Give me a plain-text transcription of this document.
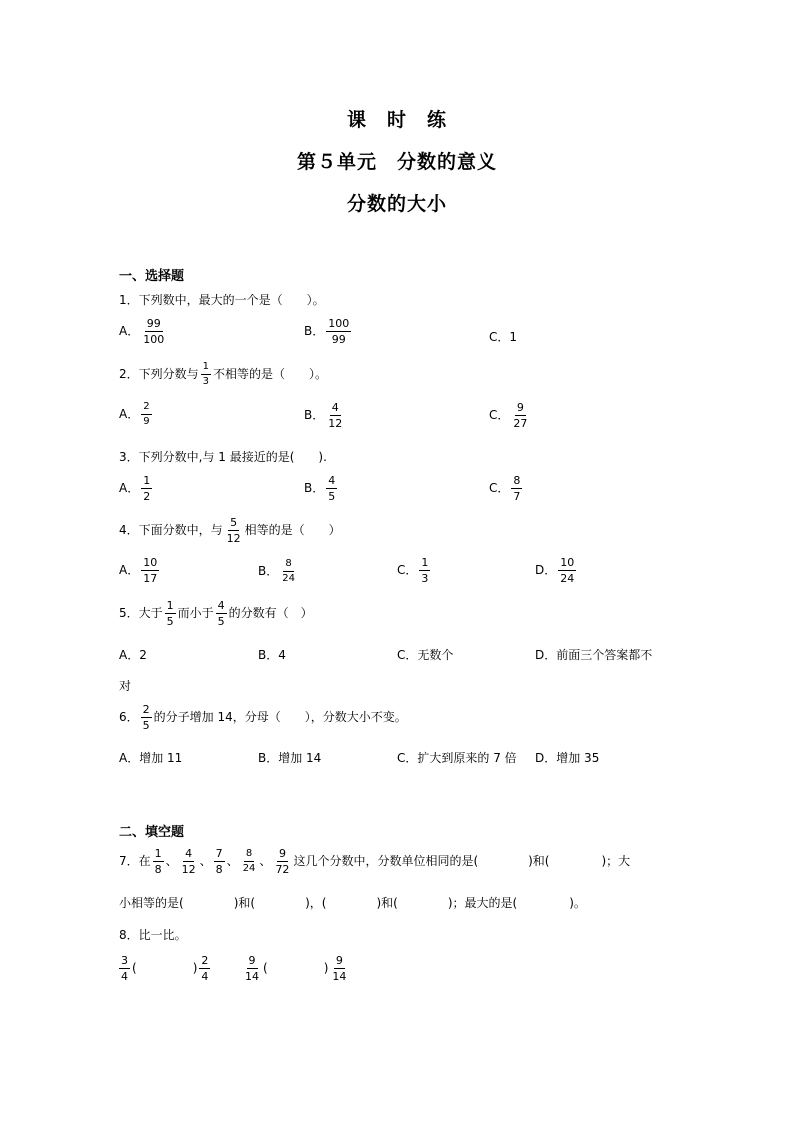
课　时　练
第５单元　分数的意义
分数的大小
一、选择题
1．下列数中，最大的一个是（　　）。
A． $\frac{99}{100}$	B． $\frac{100}{99}$	C．1
2．下列分数与 $\frac{1}{3}$ 不相等的是（　　）。
A． $\frac{2}{9}$	B． $\frac{4}{12}$	C． $\frac{9}{27}$
3．下列分数中,与 1 最接近的是(　　).
A． $\frac{1}{2}$	B． $\frac{4}{5}$	C． $\frac{8}{7}$
4．下面分数中，与 $\frac{5}{12}$ 相等的是（　　）
A． $\frac{10}{17}$	B． $\frac{8}{24}$	C． $\frac{1}{3}$	D． $\frac{10}{24}$
5．大于 $\frac{1}{5}$ 而小于 $\frac{4}{5}$ 的分数有（　）
A．2	B．4	C．无数个	D．前面三个答案都不
对
6． $\frac{2}{5}$ 的分子增加 14，分母（　　），分数大小不变。
A．增加 11	B．增加 14	C．扩大到原来的 7 倍 D．增加 35
二、填空题
7．在 $\frac{1}{8}$ 、 $\frac{4}{12}$ 、 $\frac{7}{8}$ 、 $\frac{8}{24}$ 、 $\frac{9}{72}$ 这几个分数中，分数单位相同的是(	)和(	)；大
小相等的是(	)和(	)，(	)和(	)；最大的是(	)。
8．比一比。
$\frac{3}{4}$ (	) $\frac{2}{4}$	$\frac{9}{14}$ (	) $\frac{9}{14}$
